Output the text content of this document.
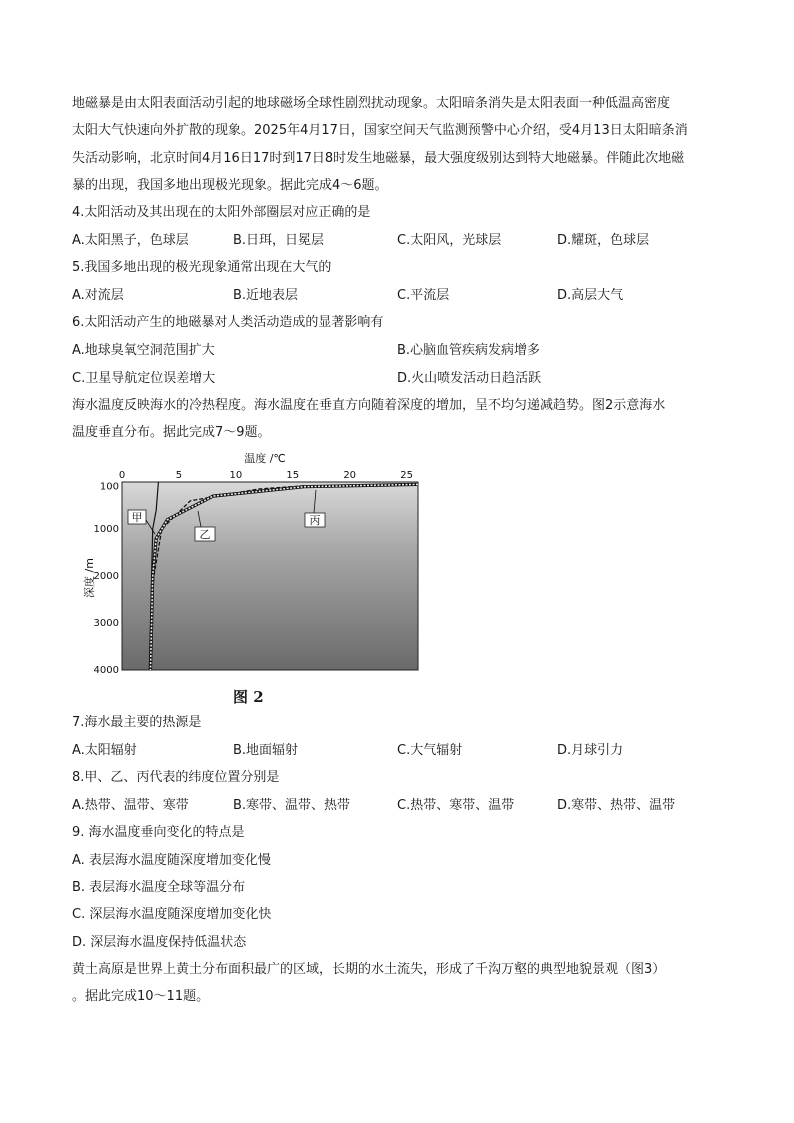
地磁暴是由太阳表面活动引起的地球磁场全球性剧烈扰动现象。太阳暗条消失是太阳表面一种低温高密度
太阳大气快速向外扩散的现象。2025年4月17日，国家空间天气监测预警中心介绍，受4月13日太阳暗条消
失活动影响，北京时间4月16日17时到17日8时发生地磁暴，最大强度级别达到特大地磁暴。伴随此次地磁
暴的出现，我国多地出现极光现象。据此完成4～6题。
4.太阳活动及其出现在的太阳外部圈层对应正确的是
A.太阳黑子，色球层	B.日珥，日冕层	C.太阳风，光球层	D.耀斑，色球层
5.我国多地出现的极光现象通常出现在大气的
A.对流层	B.近地表层	C.平流层	D.高层大气
6.太阳活动产生的地磁暴对人类活动造成的显著影响有
A.地球臭氧空洞范围扩大	B.心脑血管疾病发病增多
C.卫星导航定位误差增大	D.火山喷发活动日趋活跃
海水温度反映海水的冷热程度。海水温度在垂直方向随着深度的增加，呈不均匀递减趋势。图2示意海水
温度垂直分布。据此完成7～9题。
温度 /℃
0	5	10	15	20	25
100
1000
2000
3000
4000
深度 /m
甲
乙
丙
图 2
7.海水最主要的热源是
A.太阳辐射	B.地面辐射	C.大气辐射	D.月球引力
8.甲、乙、丙代表的纬度位置分别是
A.热带、温带、寒带	B.寒带、温带、热带	C.热带、寒带、温带	D.寒带、热带、温带
9. 海水温度垂向变化的特点是
A. 表层海水温度随深度增加变化慢
B. 表层海水温度全球等温分布
C. 深层海水温度随深度增加变化快
D. 深层海水温度保持低温状态
黄土高原是世界上黄土分布面积最广的区域，长期的水土流失，形成了千沟万壑的典型地貌景观（图3）
。据此完成10～11题。
